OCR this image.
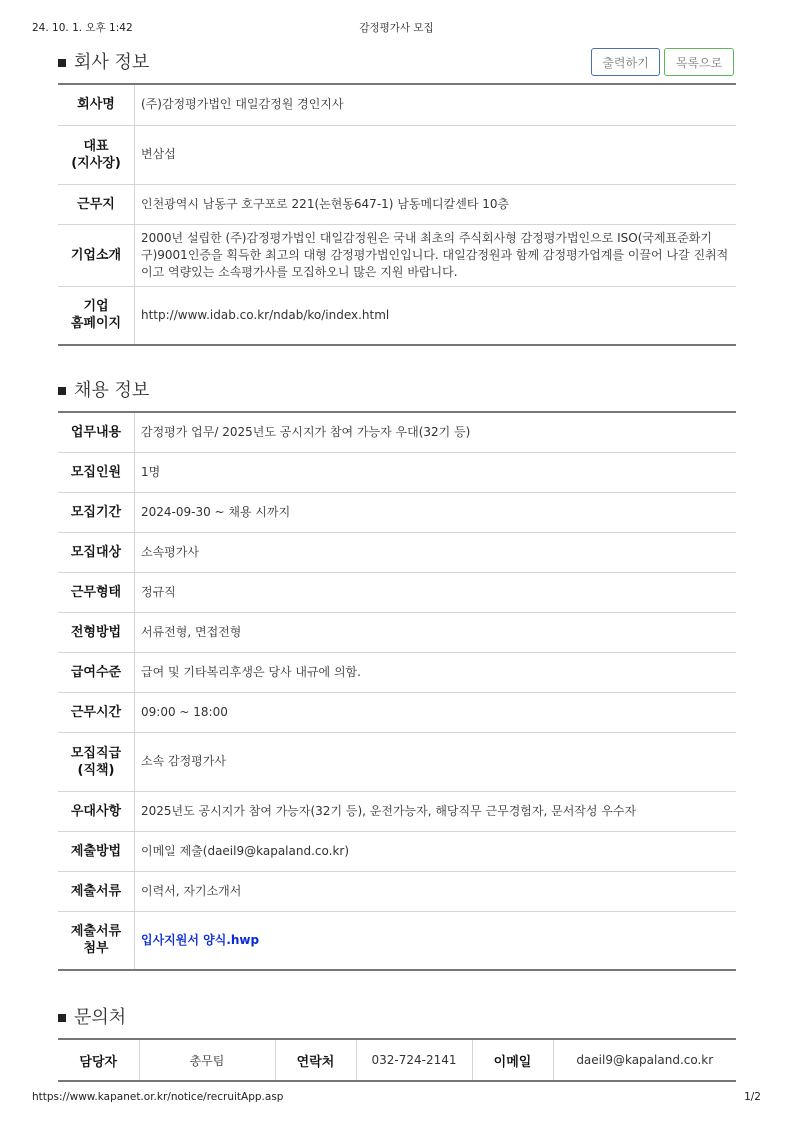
24. 10. 1. 오후 1:42	감정평가사 모집
회사 정보	출력하기	목록으로
회사명	(주)감정평가법인 대일감정원 경인지사
대표
(지사장)	변삼섭
근무지	인천광역시 남동구 호구포로 221(논현동647-1) 남동메디칼센타 10층
기업소개	2000년 설립한 (주)감정평가법인 대일감정원은 국내 최초의 주식회사형 감정평가법인으로 ISO(국제표준화기구)9001인증을 획득한 최고의 대형 감정평가법인입니다. 대일감정원과 함께 감정평가업계를 이끌어 나갈 진취적이고 역량있는 소속평가사를 모집하오니 많은 지원 바랍니다.
기업
홈페이지	http://www.idab.co.kr/ndab/ko/index.html
채용 정보
업무내용	감정평가 업무/ 2025년도 공시지가 참여 가능자 우대(32기 등)
모집인원	1명
모집기간	2024-09-30 ~ 채용 시까지
모집대상	소속평가사
근무형태	정규직
전형방법	서류전형, 면접전형
급여수준	급여 및 기타복리후생은 당사 내규에 의함.
근무시간	09:00 ~ 18:00
모집직급
(직책)	소속 감정평가사
우대사항	2025년도 공시지가 참여 가능자(32기 등), 운전가능자, 해당직무 근무경험자, 문서작성 우수자
제출방법	이메일 제출(daeil9@kapaland.co.kr)
제출서류	이력서, 자기소개서
제출서류
첨부	입사지원서 양식.hwp
문의처
담당자	총무팀	연락처	032-724-2141	이메일	daeil9@kapaland.co.kr
https://www.kapanet.or.kr/notice/recruitApp.asp	1/2
